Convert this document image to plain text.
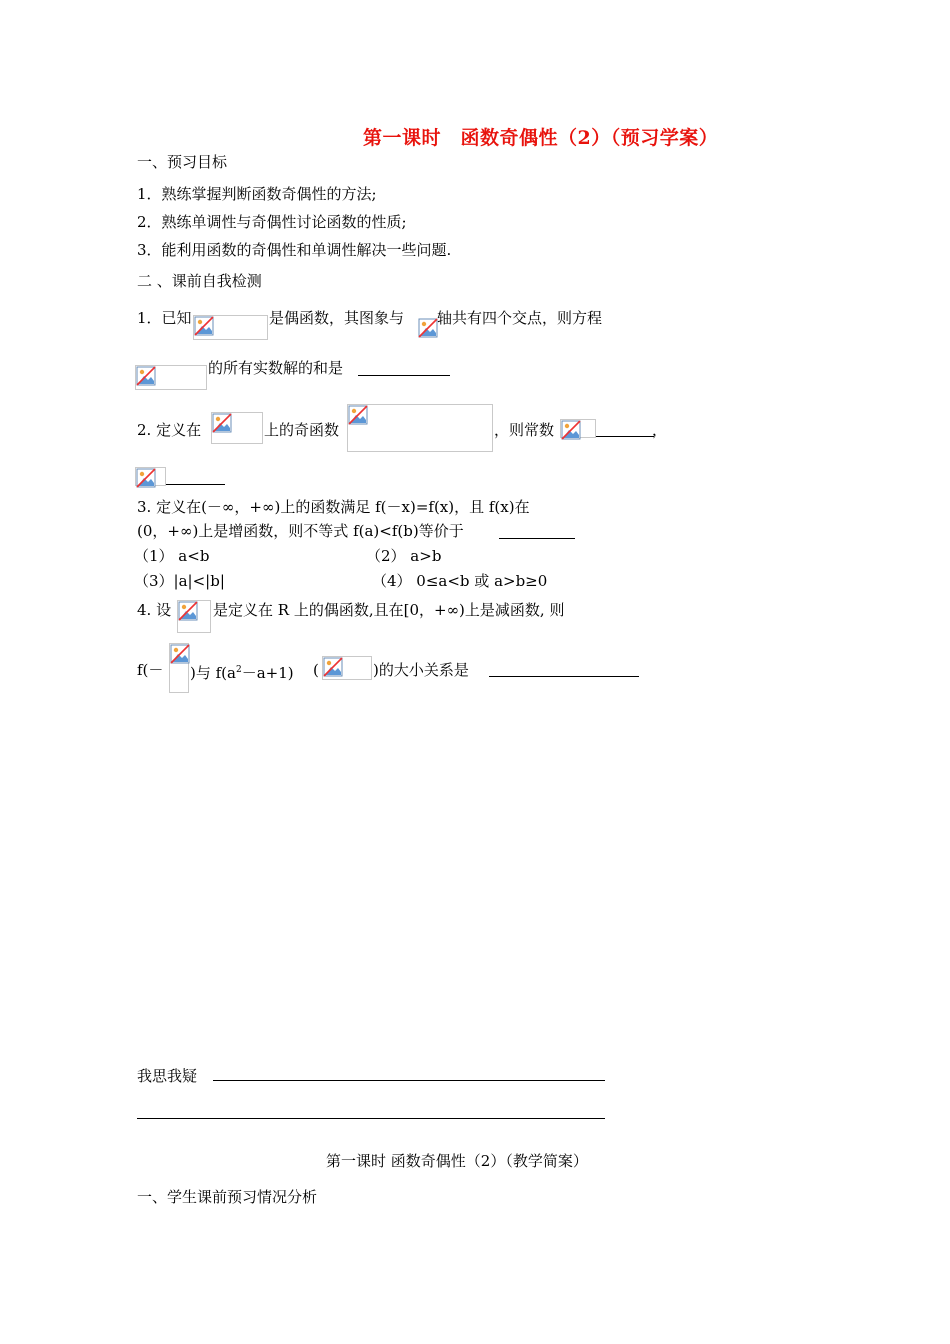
第一课时　函数奇偶性（2）（预习学案）
一、预习目标
1．熟练掌握判断函数奇偶性的方法;
2．熟练单调性与奇偶性讨论函数的性质;
3．能利用函数的奇偶性和单调性解决一些问题.
二 、课前自我检测
1．已知	是偶函数，其图象与 轴共有四个交点，则方程
的所有实数解的和是
2. 定义在	上的奇函数	，则常数	，
3. 定义在(－∞，+∞)上的函数满足 f(－x)=f(x)，且 f(x)在
(0，+∞)上是增函数，则不等式 f(a)<f(b)等价于
（1） a<b	（2） a>b
（3）|a|<|b|	（4） 0≤a<b 或 a>b≥0
4. 设	是定义在 R 上的偶函数,且在[0，+∞)上是减函数, 则
f(－ )与 $f(a^2-a+1)$ (	)的大小关系是
我思我疑
第一课时 函数奇偶性（2）（教学简案）
一、学生课前预习情况分析
